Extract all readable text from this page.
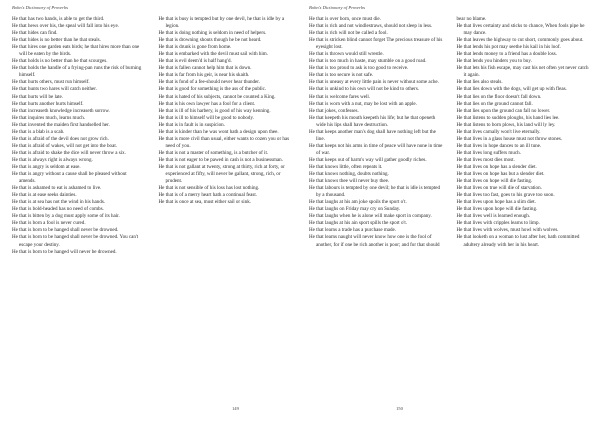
Bohn's Dictionary of Proverbs

He that has two hands, is able to get the third.

He that hews over his, the speal will fall into his eye.

He that hides can find.

He that hides is no better than he that steals.

He that hires one garden eats birds; he that hires more than one will be eaten by the birds.

He that holds is no better than he that scourges.

He that holds the handle of a frying-pan runs the risk of burning himself.

He that hurts others, must run himself.

He that hunts two hares will catch neither.

He that hurts will be late.

He that hurts another hurts himself.

He that increaseth knowledge increaseth sorrow.

He that inquires much, learns much.

He that invented the maiden first handselled her.

He that is a blab is a scab.

He that is afraid of the devil does not grow rich.

He that is afraid of wakes, will not get into the boat.

He that is afraid to shake the dice will never throw a six.

He that is always right is always wrong.

He that is angry is seldom at ease.

He that is angry without a cause shall be pleased without amends.

He that is ashamed to eat is ashamed to live.

He that is at ease seeks dainties.

He that is at sea has not the wind in his hands.

He that is bold-headed has no need of combs.

He that is bitten by a dog must apply some of its hair.

He that is born a fool is never cured.

He that is born to be hanged shall never be drowned.

He that is born to be hanged shall never be drowned. You can't escape your destiny.

He that is born to be hanged will never be drowned.

He that is busy is tempted but by one devil, he that is idle by a legion.

He that is doing nothing is seldom in need of helpers.

He that is drowning shouts though he be not heard.

He that is drunk is gone from home.

He that is embarked with the devil must sail with him.

He that is evil deem'd is half hang'd.

He that is fallen cannot help him that is down.

He that is far from his geir, is near his skaith.

He that is fond of a fee-should never hear thunder.

He that is good for something is the ass of the public.

He that is hated of his subjects, cannot be counted a King.

He that is his own lawyer has a fool for a client.

He that is ill of his harbery, is good of his way kenning.

He that is ill to himself will be good to nobody.

He that is in fault is in suspicion.

He that is kinder than he was wont hath a design upon thee.

He that is more civil than usual, either wants to cozen you or has need of you.

He that is not a master of something, is a butcher of it.

He that is not eager to be pawed in cash is not a businessman.

He that is not gallant at twenty, strong at thirty, rich at forty, or experienced at fifty, will never be gallant, strong, rich, or prudent.

He that is not sensible of his loss has lost nothing.

He that is of a merry heart hath a continual feast.

He that is once at sea, must either sail or sink.

149
Bohn's Dictionary of Proverbs

He that is over born, once must die.

He that is rich and not windlestraws, should not sleep in less.

He that is rich will not be called a fool.

He that is stricken blind cannot forget The precious treasure of his eyesight lost.

He that is thrown would still wrestle.

He that is too much in haste, may stumble on a good road.

He that is too proud to ask is too good to receive.

He that is too secure is not safe.

He that is uneasy at every little pain is never without some ache.

He that is unkind to his own will not be kind to others.

He that is welcome fares well.

He that is worn with a nut, may be lost with an apple.

He that jokes, confesses.

He that keepeth his mouth keepeth his life; but he that openeth wide his lips shall have destruction.

He that keeps another man's dog shall have nothing left but the line.

He that keeps not his arms in time of peace will have none in time of war.

He that keeps out of harm's way will gather goodly riches.

He that knows little, often repeats it.

He that knows nothing, doubts nothing.

He that knows thee will never buy thee.

He that labours is tempted by one devil; he that is idle is tempted by a thousand.

He that laughs at his am joke spoils the sport o't.

He that laughs on Friday may cry on Sunday.

He that laughs when he is alone will make sport in company.

He that laughs at his ain sport spills the sport o't.

He that learns a trade has a purchase made.

He that learns naught will never know how one is the fool of another, for if one be rich another is poor; and for that should

bear no blame.

He that lives certainty and sticks to chance, When fools pipe he may dance.

He that leaves the highway to cut short, commonly goes about.

He that lends his pot may seethe his kail in his loof.

He that lends money to a friend has a double loss.

He that lends you hinders you to buy.

He that lets his fish escape, may cast his net often yet never catch it again.

He that lies also steals.

He that lies down with the dogs, will get up with fleas.

He that lies on the floor doesn't fall down.

He that lies on the ground cannot fall.

He that lies upon the ground can fall no lower.

He that listens to sudden ploughs, his hand lies lee.

He that listens to born plows, his land will ly ley.

He that lives carnally won't live eternally.

He that lives in a glass house must not throw stones.

He that lives in hope dances to an ill tune.

He that lives long suffers much.

He that lives most dies most.

He that lives on hope has a slender diet.

He that lives on hope has but a slender diet.

He that lives on hope will die fasting.

He that lives on true will die of starvation.

He that lives too fast, goes to his grave too soon.

He that lives upon hope has a slim diet.

He that lives upon hope will die fasting.

He that lives well is learned enough.

He that lives with cripples learns to limp.

He that lives with wolves, must howl with wolves.

He that looketh on a woman to lust after her, hath committed adultery already with her in his heart.

150
